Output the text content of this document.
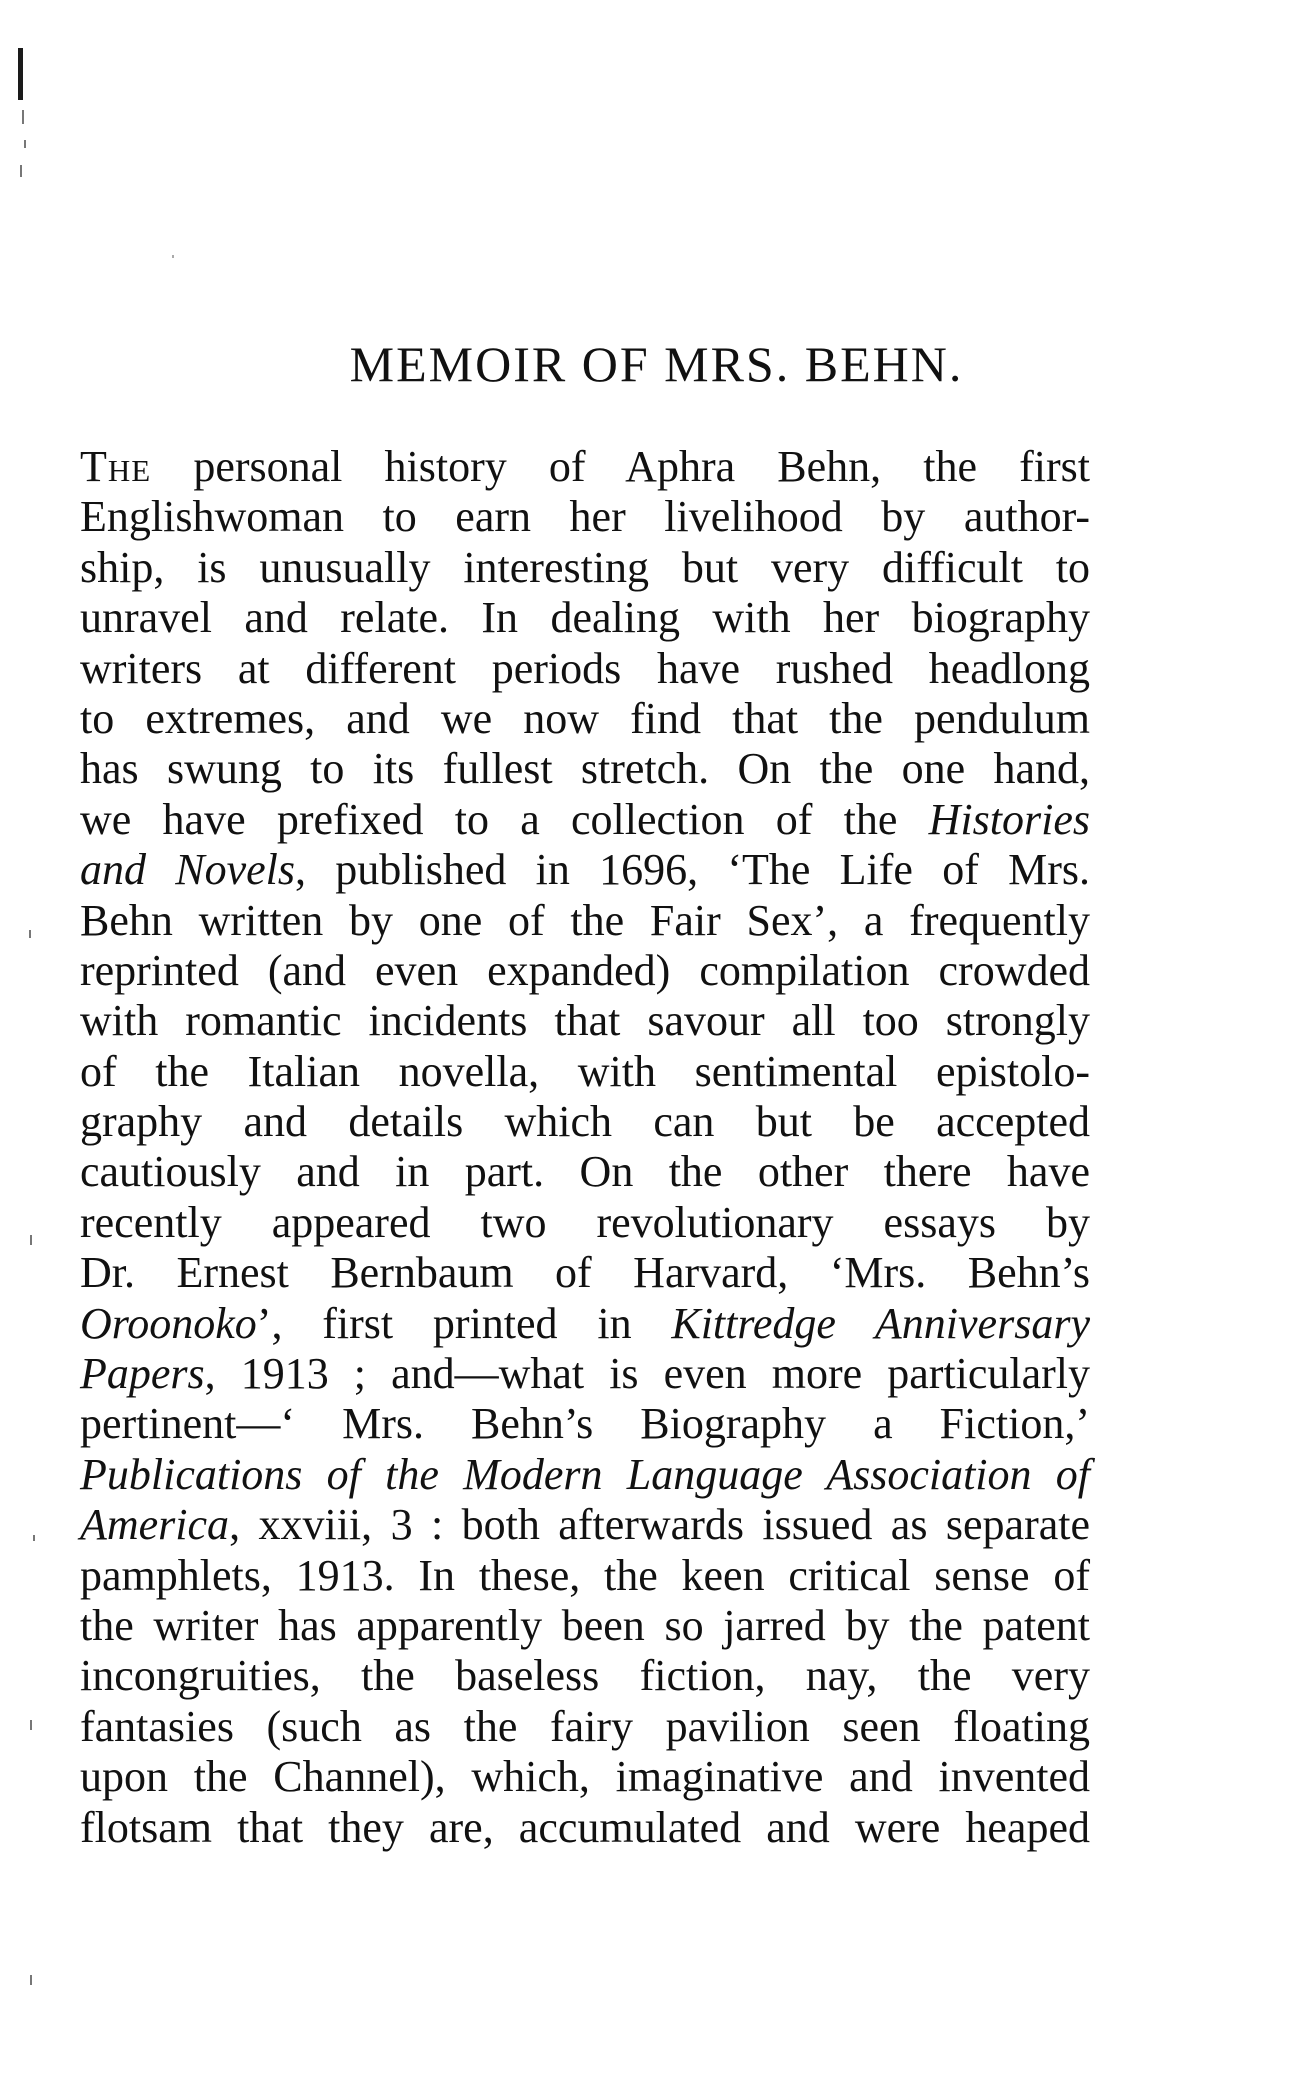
MEMOIR OF MRS. BEHN.
The personal history of Aphra Behn, the first
Englishwoman to earn her livelihood by author-
ship, is unusually interesting but very difficult to
unravel and relate. In dealing with her biography
writers at different periods have rushed headlong
to extremes, and we now find that the pendulum
has swung to its fullest stretch. On the one hand,
we have prefixed to a collection of the Histories
and Novels, published in 1696, ‘The Life of Mrs.
Behn written by one of the Fair Sex’, a frequently
reprinted (and even expanded) compilation crowded
with romantic incidents that savour all too strongly
of the Italian novella, with sentimental epistolo-
graphy and details which can but be accepted
cautiously and in part. On the other there have
recently appeared two revolutionary essays by
Dr. Ernest Bernbaum of Harvard, ‘Mrs. Behn’s
Oroonoko’, first printed in Kittredge Anniversary
Papers, 1913 ; and—what is even more particularly
pertinent—‘ Mrs. Behn’s Biography a Fiction,’
Publications of the Modern Language Association of
America, xxviii, 3 : both afterwards issued as separate
pamphlets, 1913. In these, the keen critical sense of
the writer has apparently been so jarred by the patent
incongruities, the baseless fiction, nay, the very
fantasies (such as the fairy pavilion seen floating
upon the Channel), which, imaginative and invented
flotsam that they are, accumulated and were heaped
